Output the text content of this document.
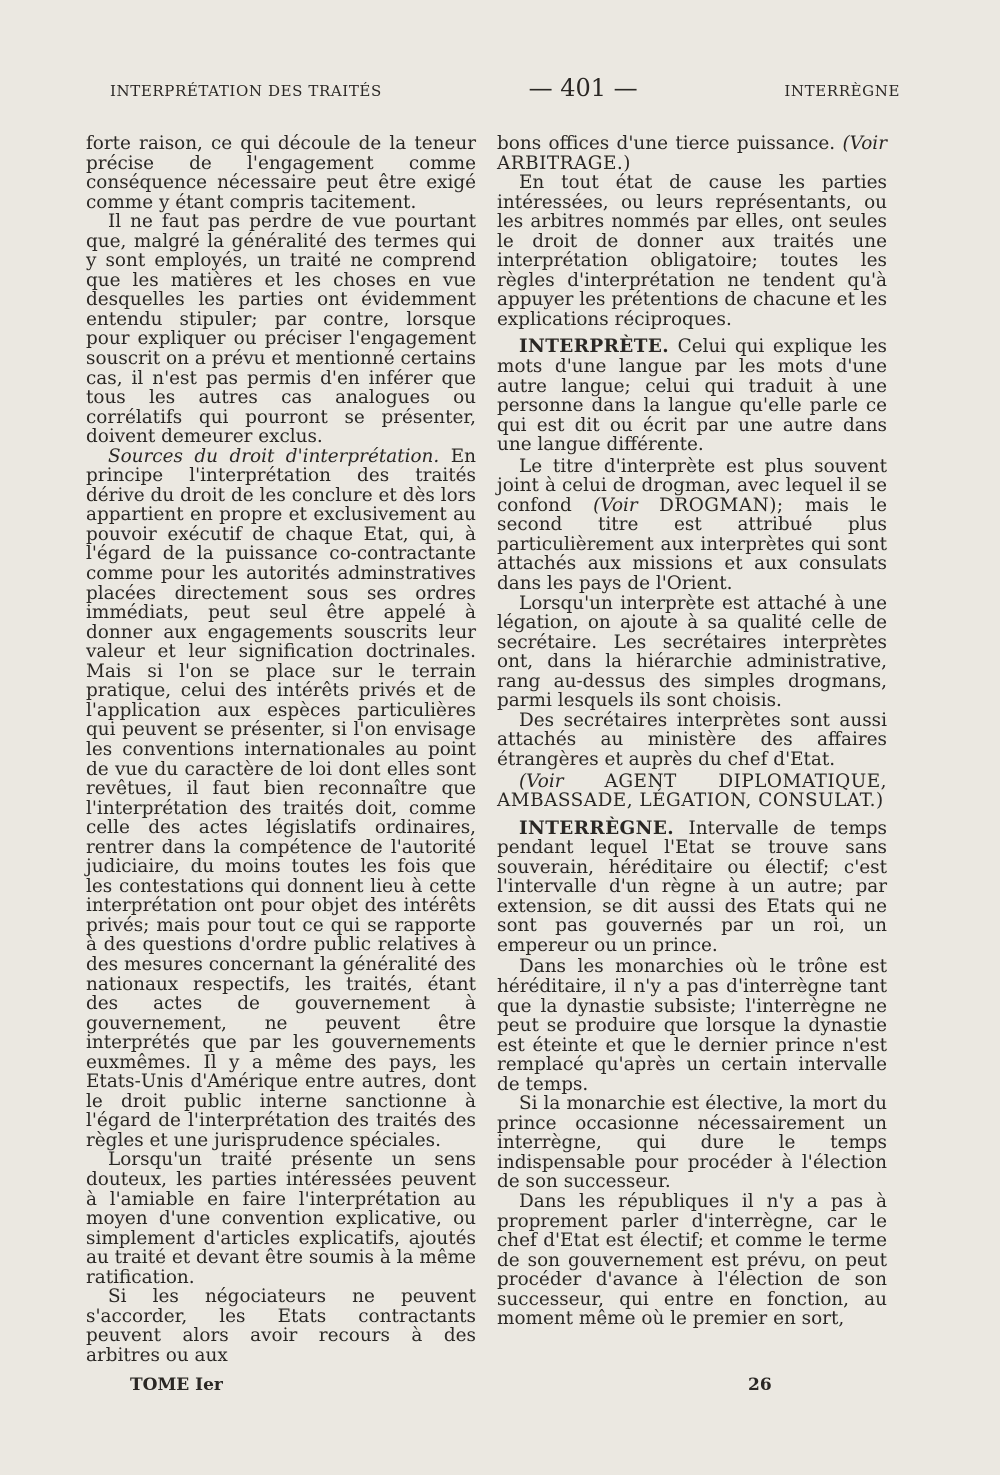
INTERPRÉTATION DES TRAITÉS	— 401 —	INTERRÈGNE

forte raison, ce qui découle de la teneur précise de l'engagement comme conséquence nécessaire peut être exigé comme y étant compris tacitement.

Il ne faut pas perdre de vue pourtant que, malgré la généralité des termes qui y sont employés, un traité ne comprend que les matières et les choses en vue desquelles les parties ont évidemment entendu stipuler; par contre, lorsque pour expliquer ou préciser l'engagement souscrit on a prévu et mentionné certains cas, il n'est pas permis d'en inférer que tous les autres cas analogues ou corrélatifs qui pourront se présenter, doivent demeurer exclus.

Sources du droit d'interprétation. En principe l'interprétation des traités dérive du droit de les conclure et dès lors appartient en propre et exclusivement au pouvoir exécutif de chaque Etat, qui, à l'égard de la puissance co-contractante comme pour les autorités adminstratives placées directement sous ses ordres immédiats, peut seul être appelé à donner aux engagements souscrits leur valeur et leur signification doctrinales. Mais si l'on se place sur le terrain pratique, celui des intérêts privés et de l'application aux espèces particulières qui peuvent se présenter, si l'on envisage les conventions internationales au point de vue du caractère de loi dont elles sont revêtues, il faut bien reconnaître que l'interprétation des traités doit, comme celle des actes législatifs ordinaires, rentrer dans la compétence de l'autorité judiciaire, du moins toutes les fois que les contestations qui donnent lieu à cette interprétation ont pour objet des intérêts privés; mais pour tout ce qui se rapporte à des questions d'ordre public relatives à des mesures concernant la généralité des nationaux respectifs, les traités, étant des actes de gouvernement à gouvernement, ne peuvent être interprétés que par les gouvernements euxmêmes. Il y a même des pays, les Etats-Unis d'Amérique entre autres, dont le droit public interne sanctionne à l'égard de l'interprétation des traités des règles et une jurisprudence spéciales.

Lorsqu'un traité présente un sens douteux, les parties intéressées peuvent à l'amiable en faire l'interprétation au moyen d'une convention explicative, ou simplement d'articles explicatifs, ajoutés au traité et devant être soumis à la même ratification.

Si les négociateurs ne peuvent s'accorder, les Etats contractants peuvent alors avoir recours à des arbitres ou aux

bons offices d'une tierce puissance. (Voir ARBITRAGE.)

En tout état de cause les parties intéressées, ou leurs représentants, ou les arbitres nommés par elles, ont seules le droit de donner aux traités une interprétation obligatoire; toutes les règles d'interprétation ne tendent qu'à appuyer les prétentions de chacune et les explications réciproques.

INTERPRÈTE. Celui qui explique les mots d'une langue par les mots d'une autre langue; celui qui traduit à une personne dans la langue qu'elle parle ce qui est dit ou écrit par une autre dans une langue différente.

Le titre d'interprète est plus souvent joint à celui de drogman, avec lequel il se confond (Voir DROGMAN); mais le second titre est attribué plus particulièrement aux interprètes qui sont attachés aux missions et aux consulats dans les pays de l'Orient.

Lorsqu'un interprète est attaché à une légation, on ajoute à sa qualité celle de secrétaire. Les secrétaires interprètes ont, dans la hiérarchie administrative, rang au-dessus des simples drogmans, parmi lesquels ils sont choisis.

Des secrétaires interprètes sont aussi attachés au ministère des affaires étrangères et auprès du chef d'Etat.

(Voir AGENT DIPLOMATIQUE, AMBASSADE, LÉGATION, CONSULAT.)

INTERRÈGNE. Intervalle de temps pendant lequel l'Etat se trouve sans souverain, héréditaire ou électif; c'est l'intervalle d'un règne à un autre; par extension, se dit aussi des Etats qui ne sont pas gouvernés par un roi, un empereur ou un prince.

Dans les monarchies où le trône est héréditaire, il n'y a pas d'interrègne tant que la dynastie subsiste; l'interrègne ne peut se produire que lorsque la dynastie est éteinte et que le dernier prince n'est remplacé qu'après un certain intervalle de temps.

Si la monarchie est élective, la mort du prince occasionne nécessairement un interrègne, qui dure le temps indispensable pour procéder à l'élection de son successeur.

Dans les républiques il n'y a pas à proprement parler d'interrègne, car le chef d'Etat est électif; et comme le terme de son gouvernement est prévu, on peut procéder d'avance à l'élection de son successeur, qui entre en fonction, au moment même où le premier en sort,

TOME Ier	26
